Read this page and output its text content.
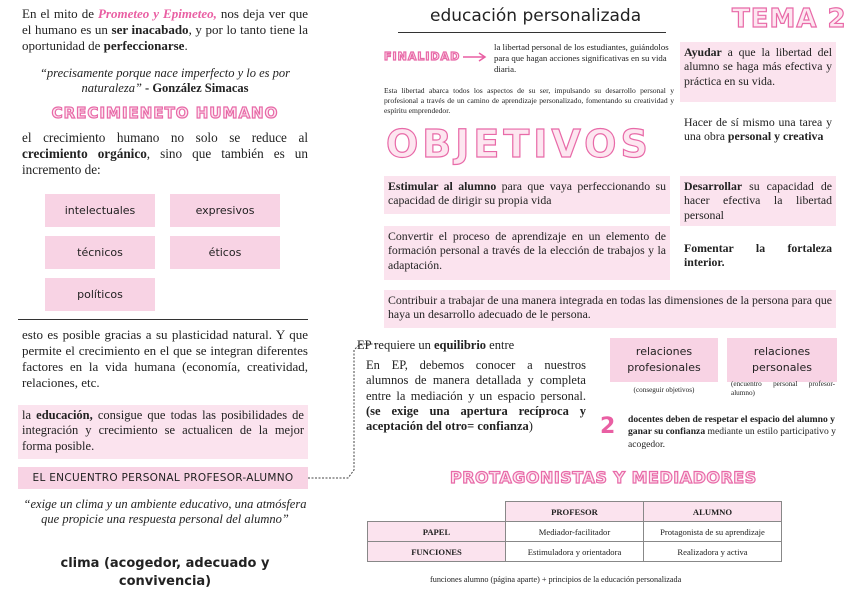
En el mito de Prometeo y Epimeteo, nos deja ver que el humano es un ser inacabado, y por lo tanto tiene la oportunidad de perfeccionarse.

“precisamente porque nace imperfecto y lo es por naturaleza” - González Simacas

CRECIMIENETO HUMANO

el crecimiento humano no solo se reduce al crecimiento orgánico, sino que también es un incremento de:

intelectuales	expresivos
técnicos	éticos
políticos

esto es posible gracias a su plasticidad natural. Y que permite el crecimiento en el que se integran diferentes factores en la vida humana (economía, creatividad, relaciones, etc.

la educación, consigue que todas las posibilidades de integración y crecimiento se actualicen de la mejor forma posible.

EL ENCUENTRO PERSONAL PROFESOR-ALUMNO

“exige un clima y un ambiente educativo, una atmósfera que propicie una respuesta personal del alumno”

clima (acogedor, adecuado y convivencia)
educación personalizada
FINALIDAD
la libertad personal de los estudiantes, guiándolos para que hagan acciones significativas en su vida diaria.
Esta libertad abarca todos los aspectos de su ser, impulsando su desarrollo personal y profesional a través de un camino de aprendizaje personalizado, fomentando su creatividad y espíritu emprendedor.
OBJETIVOS
Estimular al alumno para que vaya perfeccionando su capacidad de dirigir su propia vida
Convertir el proceso de aprendizaje en un elemento de formación personal a través de la elección de trabajos y la adaptación.
Contribuir a trabajar de una manera integrada en todas las dimensiones de la persona para que haya un desarrollo adecuado de le persona.
TEMA 2
Ayudar a que la libertad del alumno se haga más efectiva y práctica en su vida.
Hacer de sí mismo una tarea y una obra personal y creativa
Desarrollar su capacidad de hacer efectiva la libertad personal
Fomentar la fortaleza interior.
EP requiere un equilibrio entre

En EP, debemos conocer a nuestros alumnos de manera detallada y completa entre la mediación y un espacio personal. (se exige una apertura recíproca y aceptación del otro= confianza)

relaciones profesionales
relaciones personales
(conseguir objetivos)
(encuentro personal profesor-alumno)
2 docentes deben de respetar el espacio del alumno y ganar su confianza mediante un estilo participativo y acogedor.
PROTAGONISTAS Y MEDIADORES
	PROFESOR	ALUMNO
PAPEL	Mediador-facilitador	Protagonista de su aprendizaje
FUNCIONES	Estimuladora y orientadora	Realizadora y activa
funciones alumno (página aparte) + principios de la educación personalizada
